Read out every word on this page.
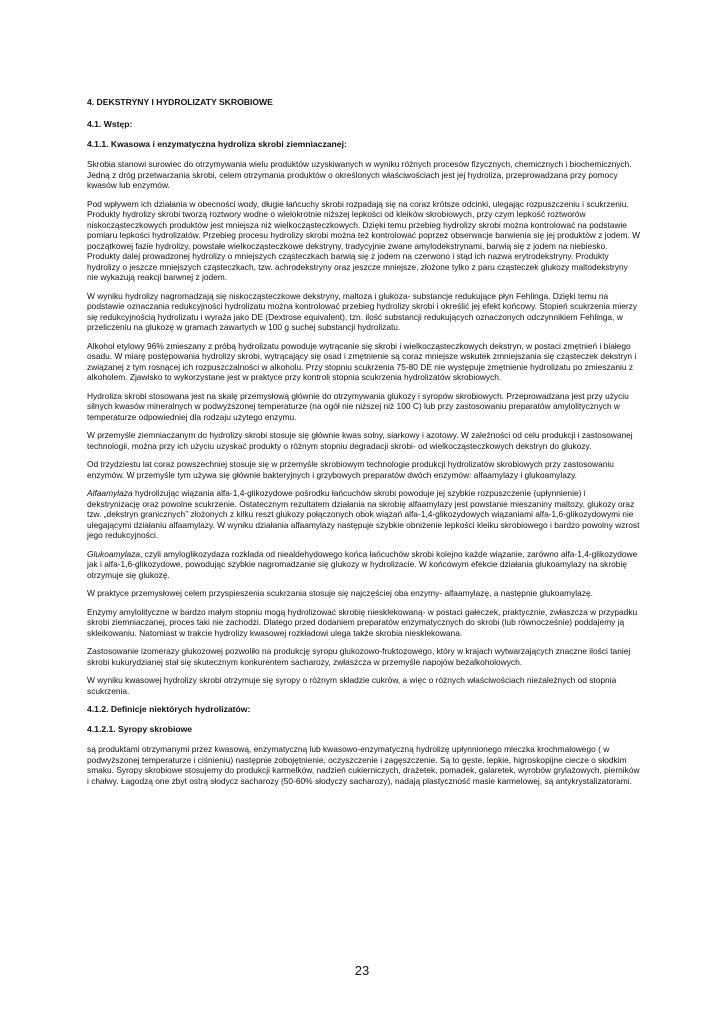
4. DEKSTRYNY I HYDROLIZATY SKROBIOWE
4.1. Wstęp:
4.1.1. Kwasowa i enzymatyczna hydroliza skrobi ziemniaczanej:

Skrobia stanowi surowiec do otrzymywania wielu produktów uzyskiwanych w wyniku różnych procesów fizycznych, chemicznych i biochemicznych. Jedną z dróg przetwarzania skrobi, celem otrzymania produktów o określonych właściwościach jest jej hydroliza, przeprowadzana przy pomocy kwasów lub enzymów.

Pod wpływem ich działania w obecności wody, długie łańcuchy skrobi rozpadają się na coraz krótsze odcinki, ulegając rozpuszczeniu i scukrzeniu. Produkty hydrolizy skrobi tworzą roztwory wodne o wielokrotnie niższej lepkości od kleików skrobiowych, przy czym lepkość roztworów niskocząsteczkowych produktów jest mniejsza niż wielkocząsteczkowych. Dzięki temu przebieg hydrolizy skrobi można kontrolować na podstawie pomiaru lepkości hydrolizatów. Przebieg procesu hydrolizy skrobi można też kontrolować poprzez obserwacje barwienia się jej produktów z jodem. W początkowej fazie hydrolizy, powstałe wielkocząsteczkowe dekstryny, tradycyjnie zwane amylodekstrynami, barwią się z jodem na niebiesko. Produkty dalej prowadzonej hydrolizy o mniejszych cząsteczkach barwią się z jodem na czerwono i stąd ich nazwa erytrodekstryny. Produkty hydrolizy o jeszcze mniejszych cząsteczkach, tzw. achrodekstryny oraz jeszcze mniejsze, złożone tylko z paru cząsteczek glukozy maltodekstryny nie wykazują reakcji barwnej z jodem.

W wyniku hydrolizy nagromadzają się niskocząsteczkowe dekstryny, maltoza i glukoza- substancje redukujące płyn Fehlinga. Dzięki temu na podstawie oznaczania redukcyjności hydrolizatu można kontrolować przebieg hydrolizy skrobi i określić jej efekt końcowy. Stopień scukrzenia mierzy się redukcyjnością hydrolizatu i wyraża jako DE (Dextrose equivalent), tzn. ilość substancji redukujących oznaczonych odczynnikiem Fehlinga, w przeliczeniu na glukozę w gramach zawartych w 100 g suchej substancji hydrolizatu.

Alkohol etylowy 96% zmieszany z próbą hydrolizatu powoduje wytrącanie się skrobi i wielkocząsteczkowych dekstryn, w postaci zmętnień i białego osadu. W miarę postępowania hydrolizy skrobi, wytrącający się osad i zmętnienie są coraz mniejsze wskutek zmniejszania się cząsteczek dekstryn i związanej z tym rosnącej ich rozpuszczalności w alkoholu. Przy stopniu scukrzenia 75-80 DE nie występuje zmętnienie hydrolizatu po zmieszaniu z alkoholem. Zjawisko to wykorzystane jest w praktyce przy kontroli stopnia scukrzenia hydrolizatów skrobiowych.

Hydroliza skrobi stosowana jest na skalę przemysłową głównie do otrzymywania glukozy i syropów skrobiowych. Przeprowadzana jest przy użyciu silnych kwasów mineralnych w podwyższonej temperaturze (na ogół nie niższej niż 100 C) lub przy zastosowaniu preparatów amylolitycznych w temperaturze odpowiedniej dla rodzaju użytego enzymu.

W przemyśle ziemniaczanym do hydrolizy skrobi stosuje się głównie kwas solny, siarkowy i azotowy. W zależności od celu produkcji i zastosowanej technologii, można przy ich użyciu uzyskać produkty o różnym stopniu degradacji skrobi- od wielkocząsteczkowych dekstryn do glukozy.

Od trzydziestu lat coraz powszechniej stosuje się w przemyśle skrobiowym technologie produkcji hydrolizatów skrobiowych przy zastosowaniu enzymów. W przemyśle tym używa się głównie bakteryjnych i grzybowych preparatów dwóch enzymów: alfaamylazy i glukoamylazy.

Alfaamylaza hydrolizując wiązania alfa-1,4-glikozydowe pośrodku łańcuchów skrobi powoduje jej szybkie rozpuszczenie (upłynnienie) i dekstrynizację oraz powolne scukrzenie. Ostatecznym rezultatem działania na skrobię alfaamylazy jest powstanie mieszaniny maltozy, glukozy oraz tzw. „dekstryn granicznych” złożonych z kilku reszt glukozy połączonych obok wiązań alfa-1,4-glikozydowych wiązaniami alfa-1,6-glikozydowymi nie ulegającymi działaniu alfaamylazy. W wyniku działania alfaamylazy następuje szybkie obniżenie lepkości kleiku skrobiowego i bardzo powolny wzrost jego redukcyjności.

Glukoamylaza, czyli amyloglikozydaza rozkłada od niealdehydowego końca łańcuchów skrobi kolejno każde wiązanie, zarówno alfa-1,4-glikozydowe jak i alfa-1,6-glikozydowe, powodując szybkie nagromadzanie się glukozy w hydrolizacie. W końcowym efekcie działania glukoamylazy na skrobię otrzymuje się glukozę.

W praktyce przemysłowej celem przyspieszenia scukrzania stosuje się najczęściej oba enzymy- alfaamylazę, a następnie glukoamylazę.

Enzymy amylolityczne w bardzo małym stopniu mogą hydrolizować skrobię niesklekowaną- w postaci gałeczek, praktycznie, zwłaszcza w przypadku skrobi ziemniaczanej, proces taki nie zachodzi. Dlatego przed dodaniem preparatów enzymatycznych do skrobi (lub równocześnie) poddajemy ją skleikowaniu. Natomiast w trakcie hydrolizy kwasowej rozkładowi ulega także skrobia niesklekowana.

Zastosowanie izomerazy glukozowej pozwoliło na produkcję syropu glukozowo-fruktozowego, który w krajach wytwarzających znaczne ilości taniej skrobi kukurydzianej stał się skutecznym konkurentem sacharozy, zwłaszcza w przemyśle napojów bezalkoholowych.

W wyniku kwasowej hydrolizy skrobi otrzymuje się syropy o różnym składzie cukrów, a więc o różnych właściwościach niezależnych od stopnia scukrzenia.

4.1.2. Definicje niektórych hydrolizatów:
4.1.2.1. Syropy skrobiowe

są produktami otrzymanymi przez kwasową, enzymatyczną lub kwasowo-enzymatyczną hydrolizę upłynnionego mleczka krochmalowego ( w podwyższonej temperaturze i ciśnieniu) następnie zobojętnienie, oczyszczenie i zagęszczenie. Są to gęste, lepkie, higroskopijne ciecze o słodkim smaku. Syropy skrobiowe stosujemy do produkcji karmelków, nadzień cukierniczych, drażetek, pomadek, galaretek, wyrobów grylażowych, pierników i chałwy. Łagodzą one zbyt ostrą słodycz sacharozy (50-60% słodyczy sacharozy), nadają plastyczność masie karmelowej, są antykrystalizatorami.

23
